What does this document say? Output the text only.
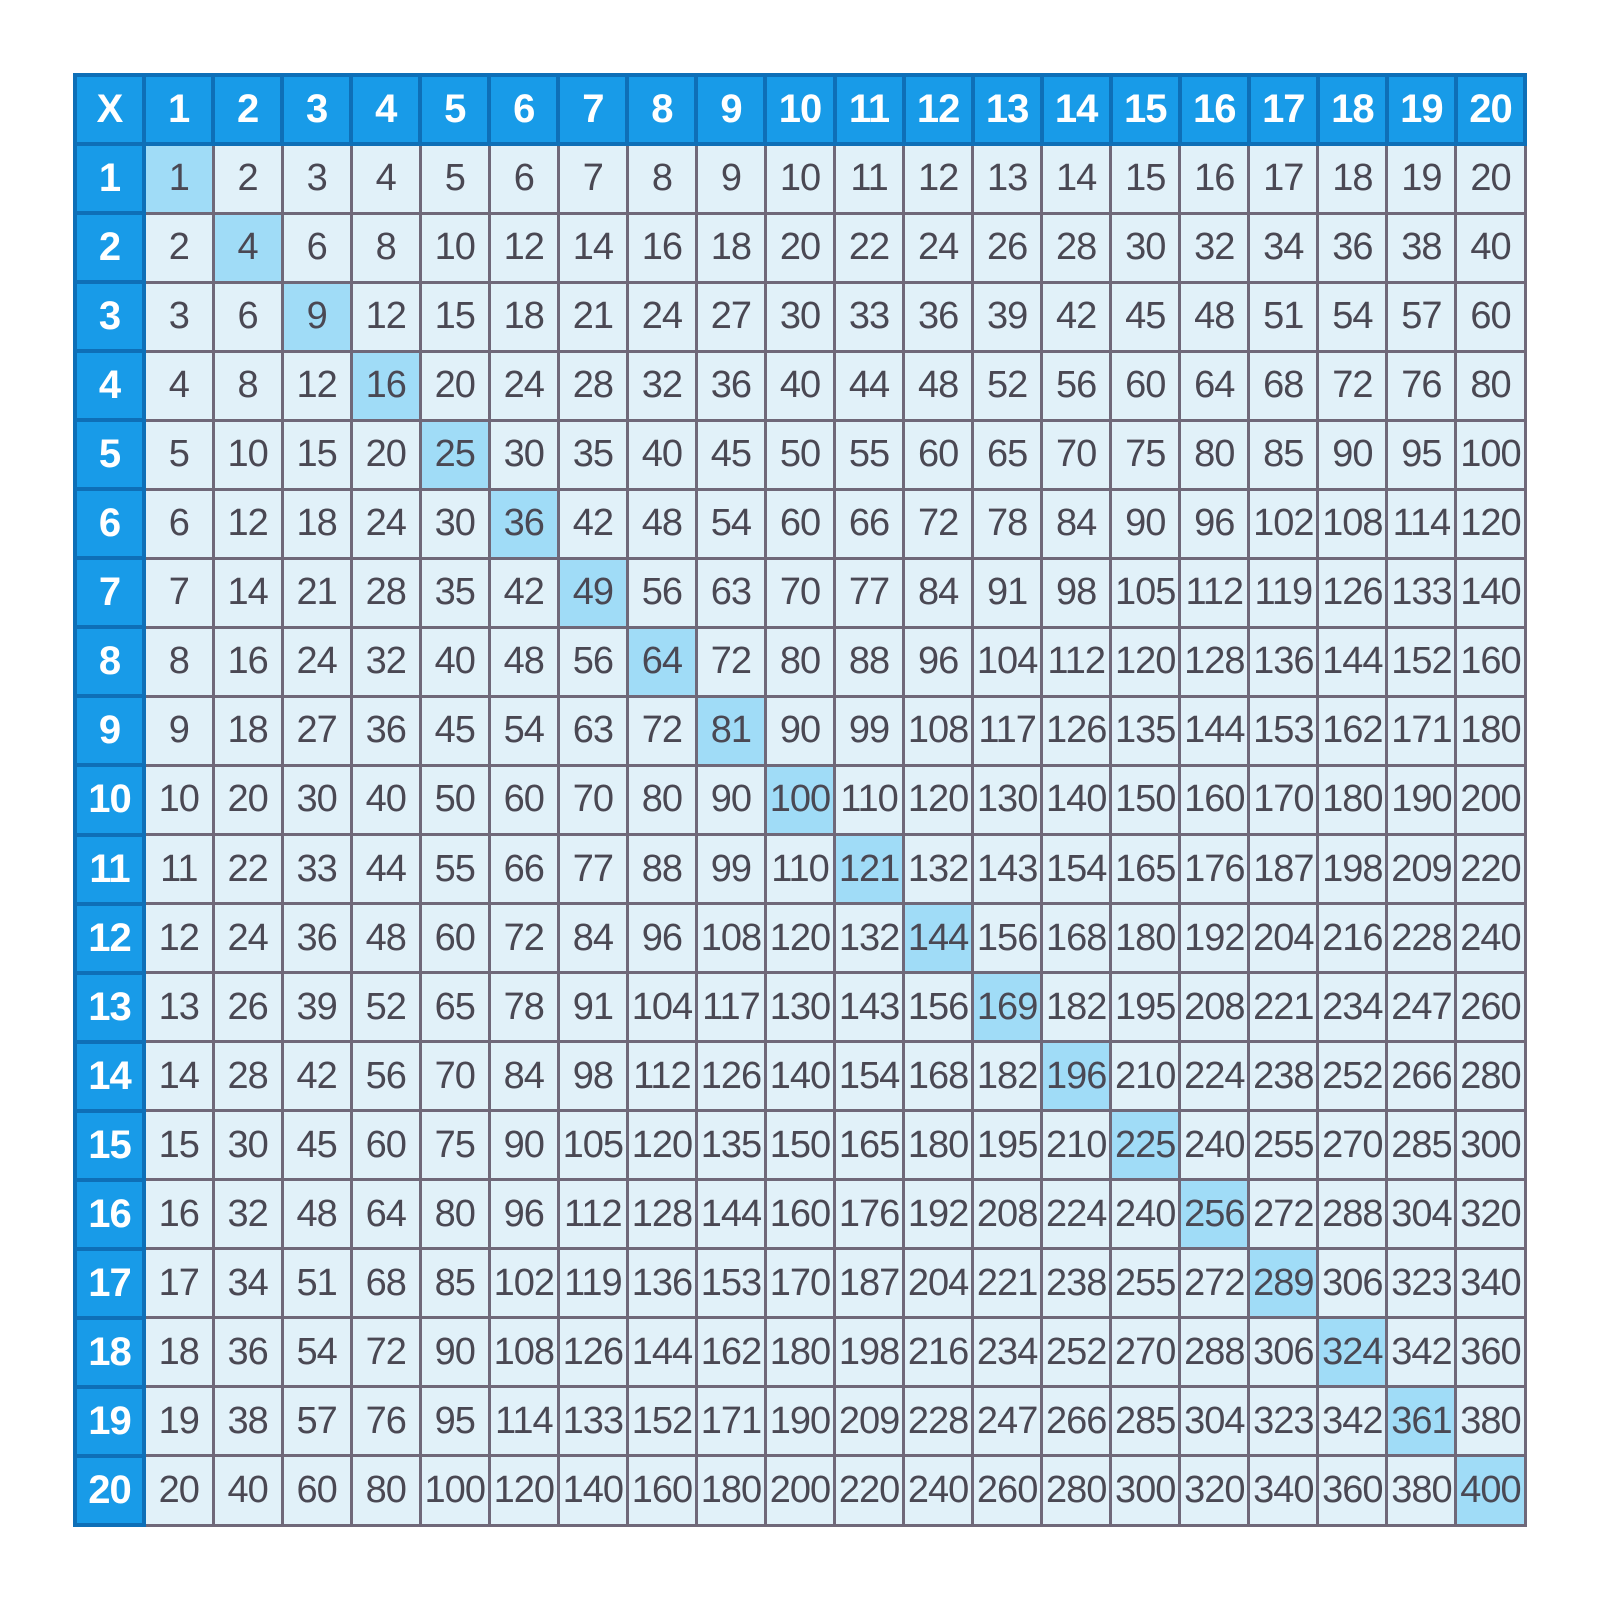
X	1	2	3	4	5	6	7	8	9	10	11	12	13	14	15	16	17	18	19	20
1	1	2	3	4	5	6	7	8	9	10	11	12	13	14	15	16	17	18	19	20
2	2	4	6	8	10	12	14	16	18	20	22	24	26	28	30	32	34	36	38	40
3	3	6	9	12	15	18	21	24	27	30	33	36	39	42	45	48	51	54	57	60
4	4	8	12	16	20	24	28	32	36	40	44	48	52	56	60	64	68	72	76	80
5	5	10	15	20	25	30	35	40	45	50	55	60	65	70	75	80	85	90	95	100
6	6	12	18	24	30	36	42	48	54	60	66	72	78	84	90	96	102	108	114	120
7	7	14	21	28	35	42	49	56	63	70	77	84	91	98	105	112	119	126	133	140
8	8	16	24	32	40	48	56	64	72	80	88	96	104	112	120	128	136	144	152	160
9	9	18	27	36	45	54	63	72	81	90	99	108	117	126	135	144	153	162	171	180
10	10	20	30	40	50	60	70	80	90	100	110	120	130	140	150	160	170	180	190	200
11	11	22	33	44	55	66	77	88	99	110	121	132	143	154	165	176	187	198	209	220
12	12	24	36	48	60	72	84	96	108	120	132	144	156	168	180	192	204	216	228	240
13	13	26	39	52	65	78	91	104	117	130	143	156	169	182	195	208	221	234	247	260
14	14	28	42	56	70	84	98	112	126	140	154	168	182	196	210	224	238	252	266	280
15	15	30	45	60	75	90	105	120	135	150	165	180	195	210	225	240	255	270	285	300
16	16	32	48	64	80	96	112	128	144	160	176	192	208	224	240	256	272	288	304	320
17	17	34	51	68	85	102	119	136	153	170	187	204	221	238	255	272	289	306	323	340
18	18	36	54	72	90	108	126	144	162	180	198	216	234	252	270	288	306	324	342	360
19	19	38	57	76	95	114	133	152	171	190	209	228	247	266	285	304	323	342	361	380
20	20	40	60	80	100	120	140	160	180	200	220	240	260	280	300	320	340	360	380	400
